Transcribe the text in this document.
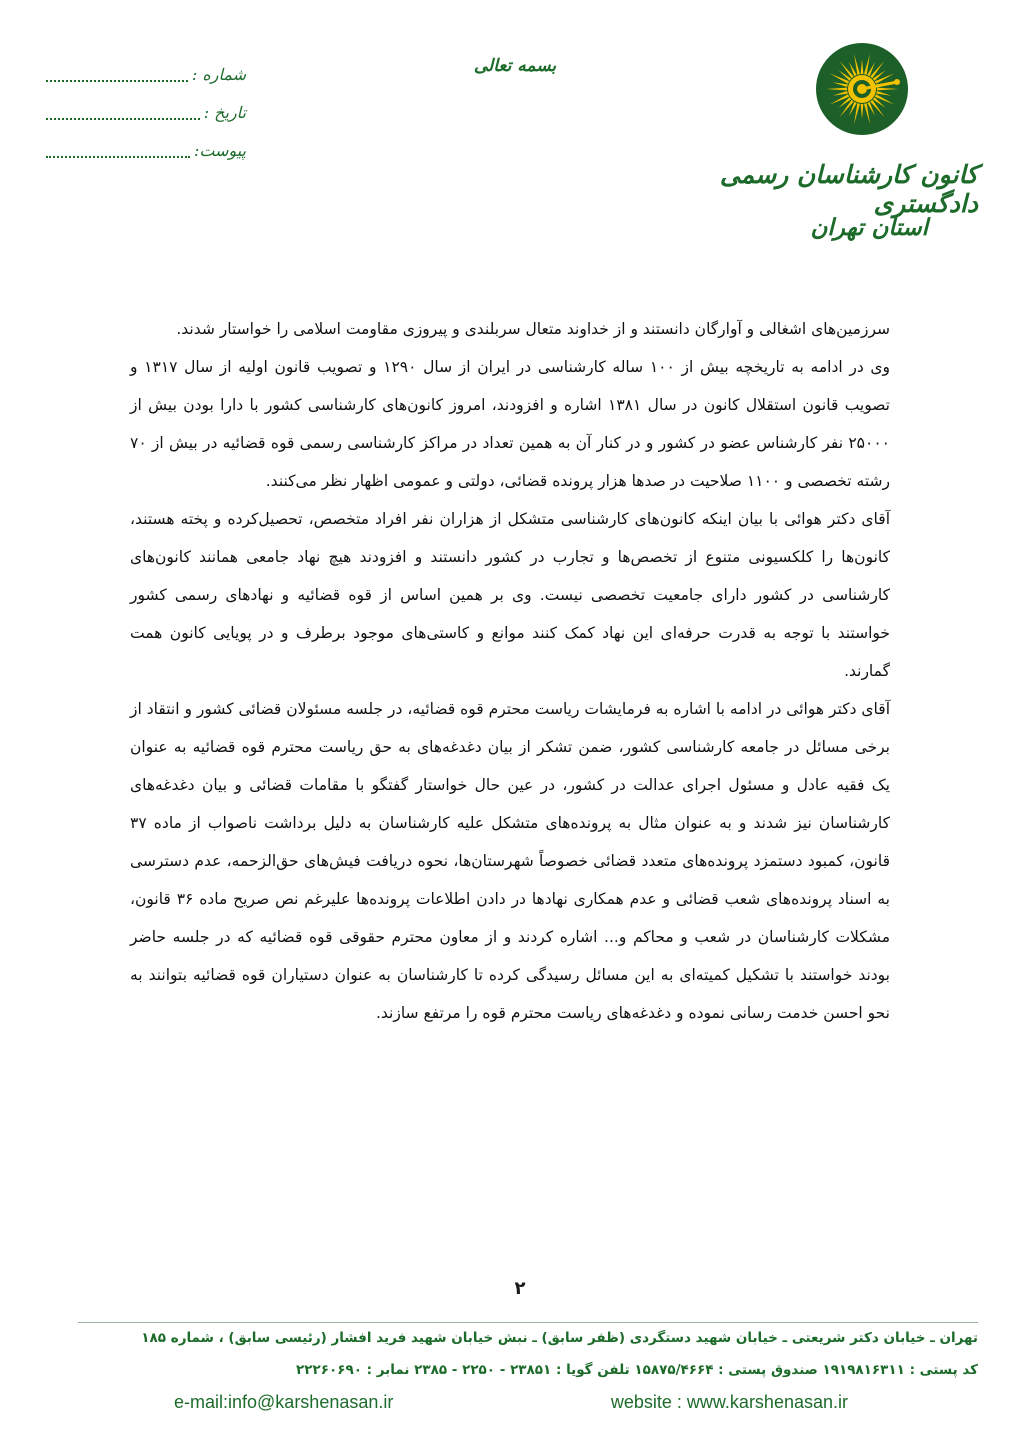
بسمه تعالی
کانون کارشناسان رسمی دادگستری
استان تهران
شماره :
تاریخ :
پیوست:

سرزمین‌های اشغالی و آوارگان دانستند و از خداوند متعال سربلندی و پیروزی مقاومت اسلامی را خواستار شدند.

وی در ادامه به تاریخچه بیش از ۱۰۰ ساله کارشناسی در ایران از سال ۱۲۹۰ و تصویب قانون اولیه از سال ۱۳۱۷ و تصویب قانون استقلال کانون در سال ۱۳۸۱ اشاره و افزودند، امروز کانون‌های کارشناسی کشور با دارا بودن بیش از ۲۵۰۰۰ نفر کارشناس عضو در کشور و در کنار آن به همین تعداد در مراکز کارشناسی رسمی قوه قضائیه در بیش از ۷۰ رشته تخصصی و ۱۱۰۰ صلاحیت در صدها هزار پرونده قضائی، دولتی و عمومی اظهار نظر می‌کنند.

آقای دکتر هوائی با بیان اینکه کانون‌های کارشناسی متشکل از هزاران نفر افراد متخصص، تحصیل‌کرده و پخته هستند، کانون‌ها را کلکسیونی متنوع از تخصص‌ها و تجارب در کشور دانستند و افزودند هیچ نهاد جامعی همانند کانون‌های کارشناسی در کشور دارای جامعیت تخصصی نیست. وی بر همین اساس از قوه قضائیه و نهادهای رسمی کشور خواستند با توجه به قدرت حرفه‌ای این نهاد کمک کنند موانع و کاستی‌های موجود برطرف و در پویایی کانون همت گمارند.

آقای دکتر هوائی در ادامه با اشاره به فرمایشات ریاست محترم قوه قضائیه، در جلسه مسئولان قضائی کشور و انتقاد از برخی مسائل در جامعه کارشناسی کشور، ضمن تشکر از بیان دغدغه‌های به حق ریاست محترم قوه قضائیه به عنوان یک فقیه عادل و مسئول اجرای عدالت در کشور، در عین حال خواستار گفتگو با مقامات قضائی و بیان دغدغه‌های کارشناسان نیز شدند و به عنوان مثال به پرونده‌های متشکل علیه کارشناسان به دلیل برداشت ناصواب از ماده ۳۷ قانون، کمبود دستمزد پرونده‌های متعدد قضائی خصوصاً شهرستان‌ها، نحوه دریافت فیش‌های حق‌الزحمه، عدم دسترسی به اسناد پرونده‌های شعب قضائی و عدم همکاری نهادها در دادن اطلاعات پرونده‌ها علیرغم نص صریح ماده ۳۶ قانون، مشکلات کارشناسان در شعب و محاکم و... اشاره کردند و از معاون محترم حقوقی قوه قضائیه که در جلسه حاضر بودند خواستند با تشکیل کمیته‌ای به این مسائل رسیدگی کرده تا کارشناسان به عنوان دستیاران قوه قضائیه بتوانند به نحو احسن خدمت رسانی نموده و دغدغه‌های ریاست محترم قوه را مرتفع سازند.

۲
تهران ـ خیابان دکتر شریعتی ـ خیابان شهید دستگردی (ظفر سابق) ـ نبش خیابان شهید فرید افشار (رئیسی سابق) ، شماره ۱۸۵
کد پستی : ۱۹۱۹۸۱۶۳۱۱ صندوق پستی : ۱۵۸۷۵/۴۶۶۴ تلفن گویا : ۲۳۸۵۱ - ۲۲۵۰ - ۲۳۸۵ نمابر : ۲۲۲۶۰۶۹۰
e-mail:info@karshenasan.ir	website : www.karshenasan.ir
